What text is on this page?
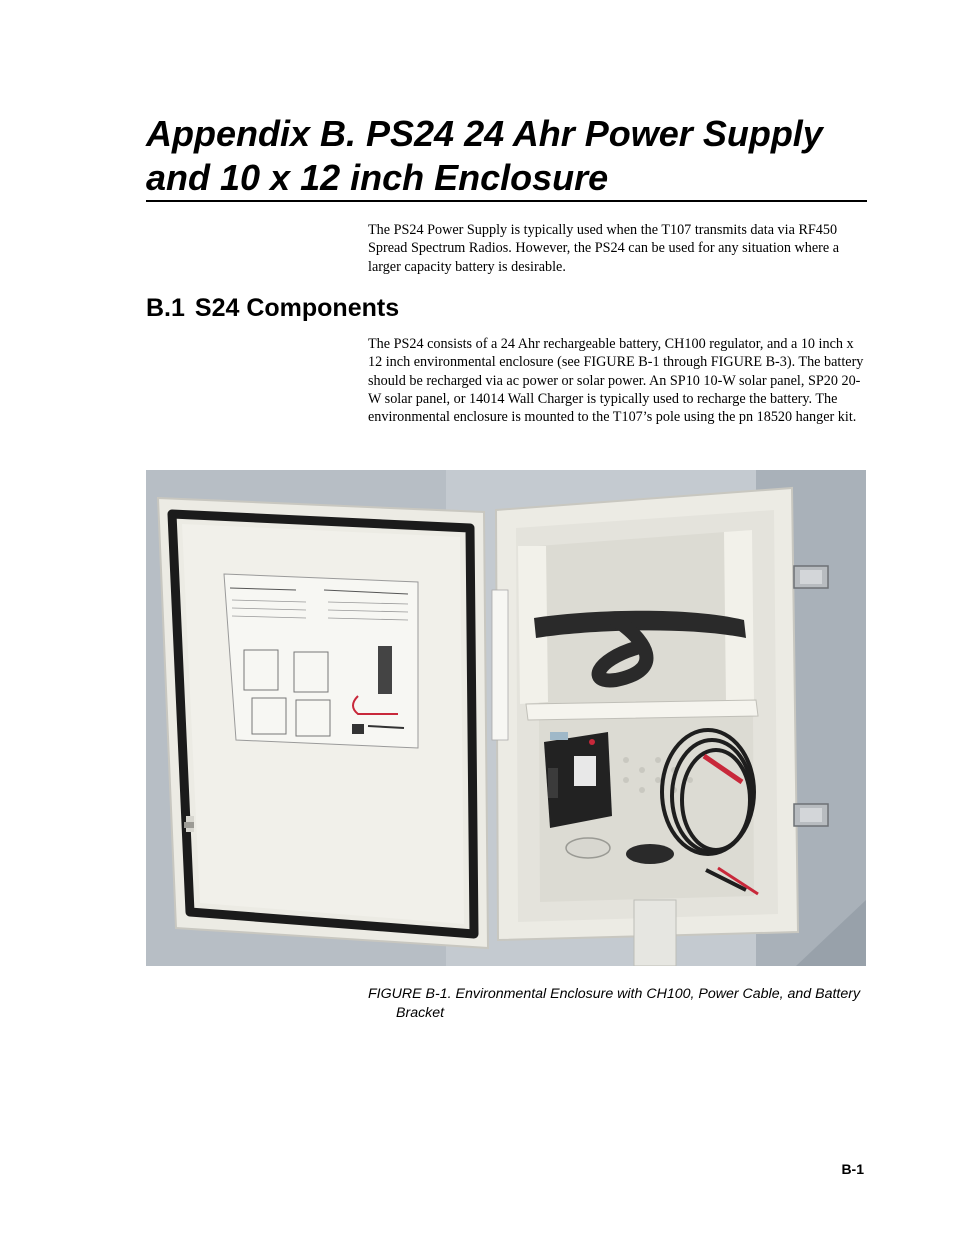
Appendix B. PS24 24 Ahr Power Supply
and 10 x 12 inch Enclosure

The PS24 Power Supply is typically used when the T107 transmits data via RF450 Spread Spectrum Radios. However, the PS24 can be used for any situation where a larger capacity battery is desirable.

B.1 S24 Components

The PS24 consists of a 24 Ahr rechargeable battery, CH100 regulator, and a 10 inch x 12 inch environmental enclosure (see FIGURE B-1 through FIGURE B-3). The battery should be recharged via ac power or solar power. An SP10 10-W solar panel, SP20 20-W solar panel, or 14014 Wall Charger is typically used to recharge the battery. The environmental enclosure is mounted to the T107’s pole using the pn 18520 hanger kit.

FIGURE B-1. Environmental Enclosure with CH100, Power Cable, and Battery Bracket
B-1
